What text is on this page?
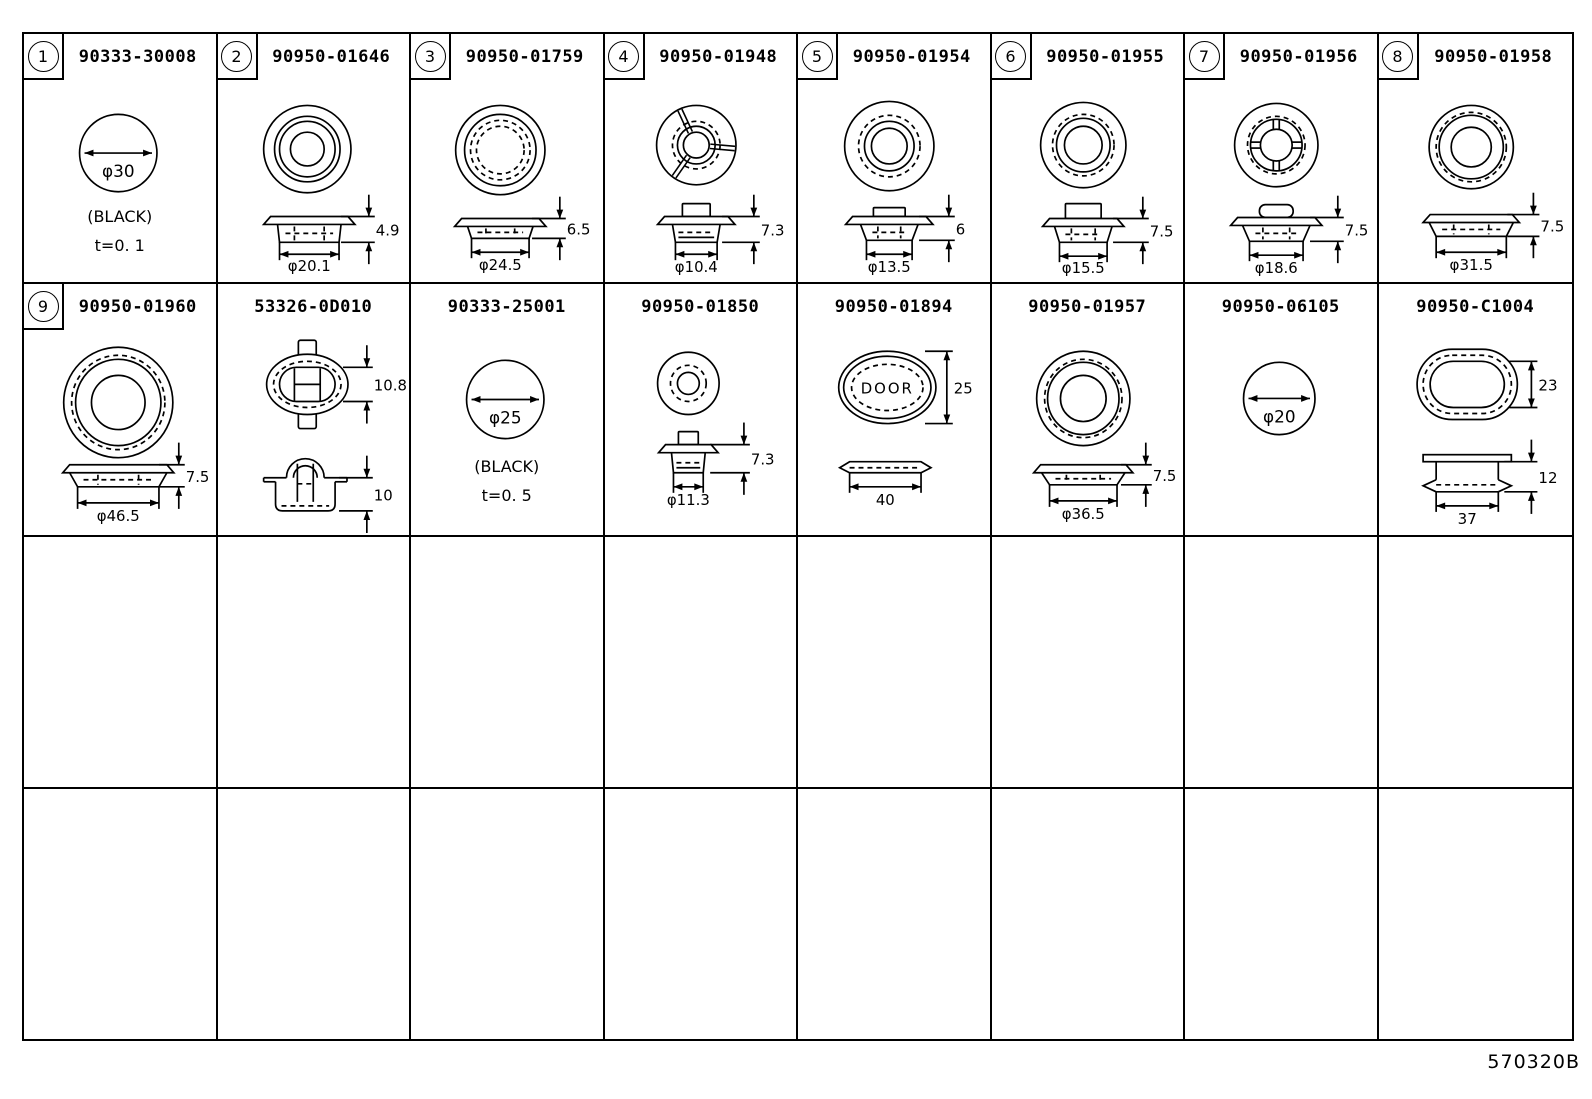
1	90333-30008
φ30
(BLACK)
t=0. 1
2	90950-01646
4.9
φ20.1
3	90950-01759
6.5
φ24.5
4	90950-01948
7.3
φ10.4
5	90950-01954
6
φ13.5
6	90950-01955
7.5
φ15.5
7	90950-01956
7.5
φ18.6
8	90950-01958
7.5
φ31.5
9	90950-01960
7.5
φ46.5
53326-0D010
10.8
10
90333-25001
φ25
(BLACK)
t=0. 5
90950-01850
7.3
φ11.3
90950-01894
DOOR	25
40
90950-01957
7.5
φ36.5
90950-06105
φ20
90950-C1004
23
12
37
570320B
